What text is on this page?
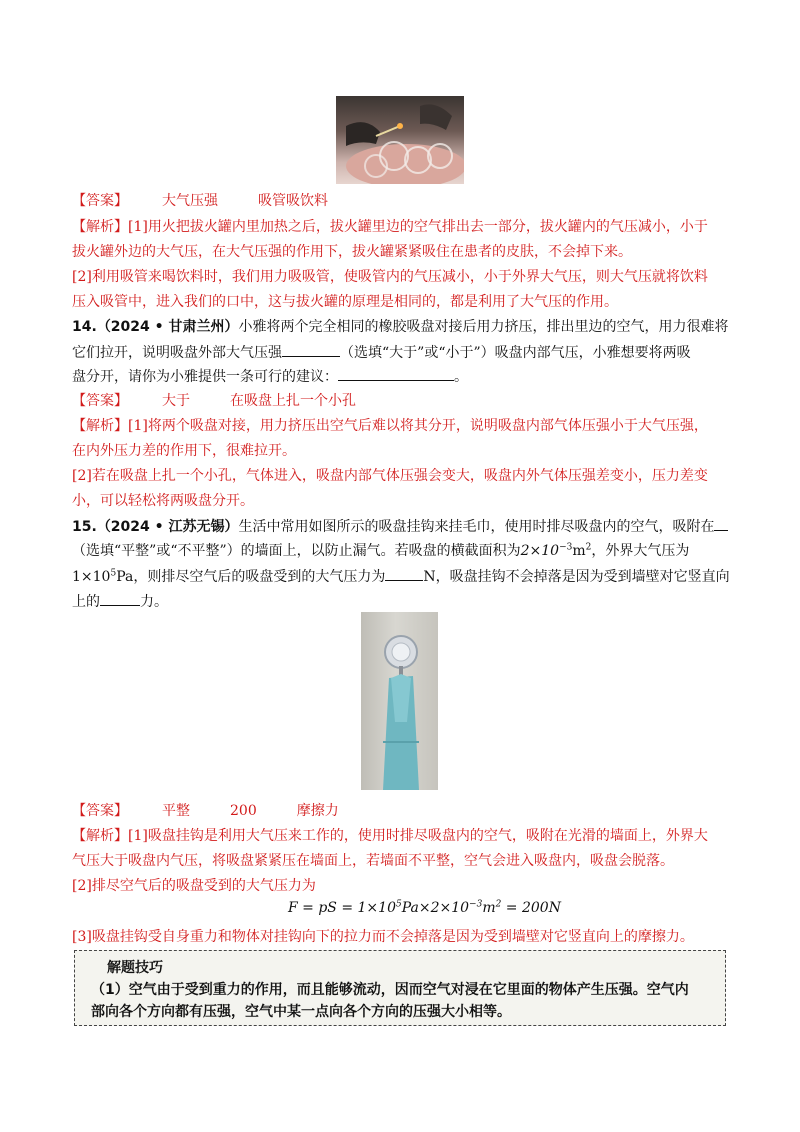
【答案】 大气压强	吸管吸饮料
【解析】[1]用火把拔火罐内里加热之后，拔火罐里边的空气排出去一部分，拔火罐内的气压减小，小于
拔火罐外边的大气压，在大气压强的作用下，拔火罐紧紧吸住在患者的皮肤，不会掉下来。
[2]利用吸管来喝饮料时，我们用力吸吸管，使吸管内的气压减小，小于外界大气压，则大气压就将饮料
压入吸管中，进入我们的口中，这与拔火罐的原理是相同的，都是利用了大气压的作用。
14.（2024 • 甘肃兰州）小雅将两个完全相同的橡胶吸盘对接后用力挤压，排出里边的空气，用力很难将
它们拉开，说明吸盘外部大气压强	（选填“大于”或“小于”）吸盘内部气压，小雅想要将两吸
盘分开，请你为小雅提供一条可行的建议：	。
【答案】 大于	在吸盘上扎一个小孔
【解析】[1]将两个吸盘对接，用力挤压出空气后难以将其分开，说明吸盘内部气体压强小于大气压强，
在内外压力差的作用下，很难拉开。
[2]若在吸盘上扎一个小孔，气体进入，吸盘内部气体压强会变大，吸盘内外气体压强差变小，压力差变
小，可以轻松将两吸盘分开。
15.（2024 • 江苏无锡）生活中常用如图所示的吸盘挂钩来挂毛巾，使用时排尽吸盘内的空气，吸附在
（选填“平整”或“不平整”）的墙面上，以防止漏气。若吸盘的横截面积为$2\times 10^{-3}m^2$，外界大气压为
$1\times 10^5Pa$，则排尽空气后的吸盘受到的大气压力为	N，吸盘挂钩不会掉落是因为受到墙壁对它竖直向
上的	力。
【答案】 平整	200	摩擦力
【解析】[1]吸盘挂钩是利用大气压来工作的，使用时排尽吸盘内的空气，吸附在光滑的墙面上，外界大
气压大于吸盘内气压，将吸盘紧紧压在墙面上，若墙面不平整，空气会进入吸盘内，吸盘会脱落。
[2]排尽空气后的吸盘受到的大气压力为
F = pS = $1\times 10^5Pa\times 2\times 10^{-3}m^2 = 200N$
[3]吸盘挂钩受自身重力和物体对挂钩向下的拉力而不会掉落是因为受到墙壁对它竖直向上的摩擦力。
解题技巧
（1）空气由于受到重力的作用，而且能够流动，因而空气对浸在它里面的物体产生压强。空气内
部向各个方向都有压强，空气中某一点向各个方向的压强大小相等。
